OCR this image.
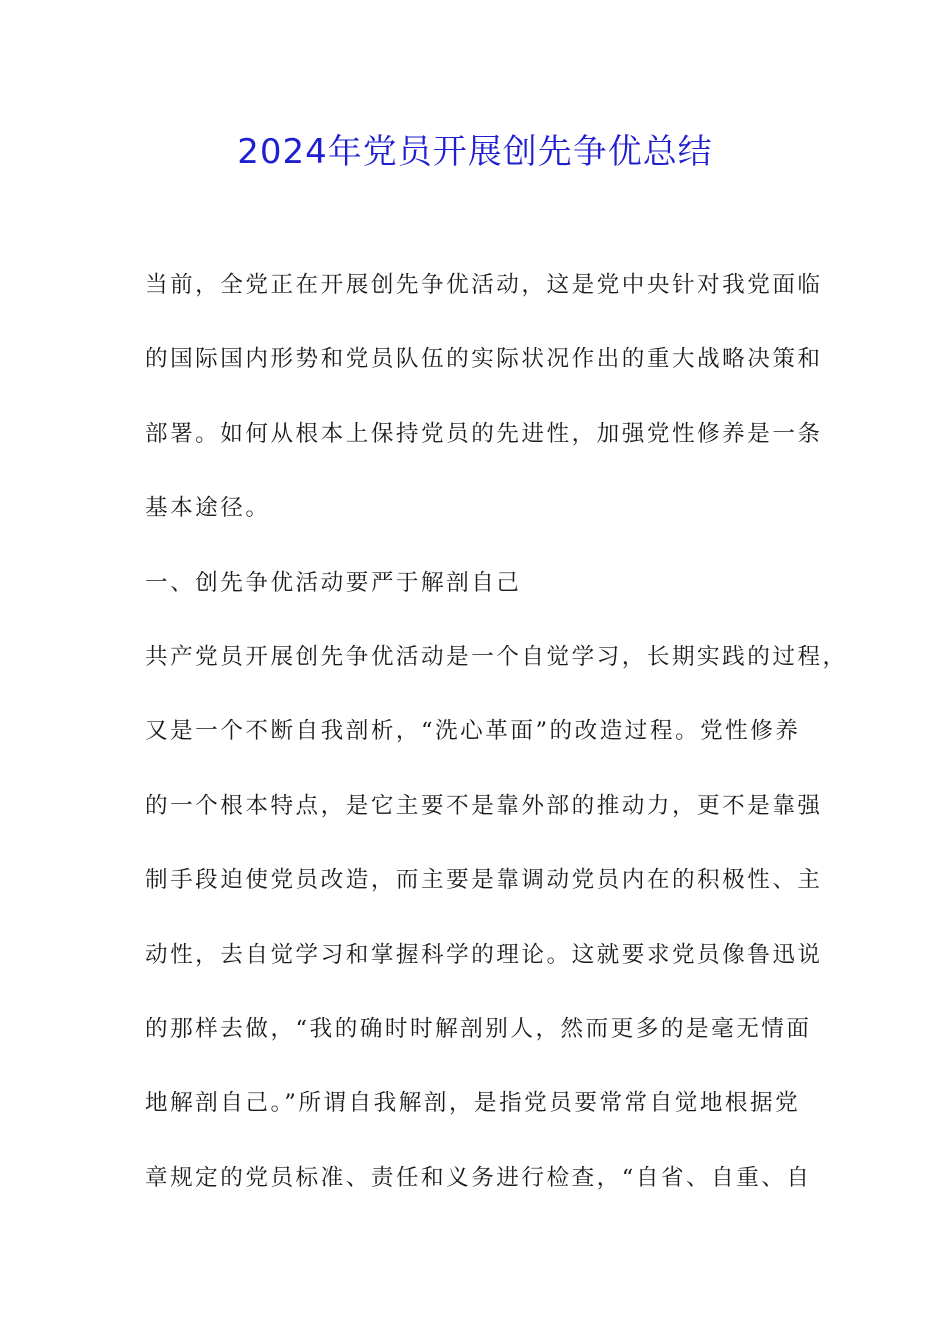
2024年党员开展创先争优总结
当前，全党正在开展创先争优活动，这是党中央针对我党面临
的国际国内形势和党员队伍的实际状况作出的重大战略决策和
部署。如何从根本上保持党员的先进性，加强党性修养是一条
基本途径。
一、创先争优活动要严于解剖自己
共产党员开展创先争优活动是一个自觉学习，长期实践的过程，
又是一个不断自我剖析，“洗心革面”的改造过程。党性修养
的一个根本特点，是它主要不是靠外部的推动力，更不是靠强
制手段迫使党员改造，而主要是靠调动党员内在的积极性、主
动性，去自觉学习和掌握科学的理论。这就要求党员像鲁迅说
的那样去做，“我的确时时解剖别人，然而更多的是毫无情面
地解剖自己。”所谓自我解剖，是指党员要常常自觉地根据党
章规定的党员标准、责任和义务进行检查，“自省、自重、自
